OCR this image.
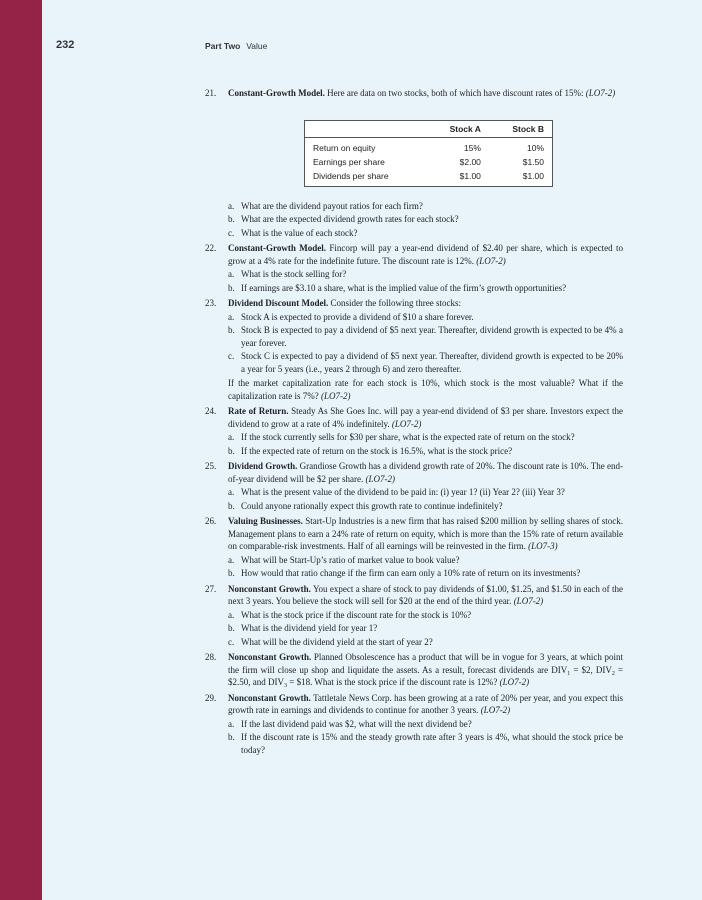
232	Part Two Value
21. Constant-Growth Model. Here are data on two stocks, both of which have discount rates of 15%: (LO7-2)
	Stock A	Stock B
Return on equity	15%	10%
Earnings per share	$2.00	$1.50
Dividends per share	$1.00	$1.00
a. What are the dividend payout ratios for each firm?
b. What are the expected dividend growth rates for each stock?
c. What is the value of each stock?
22. Constant-Growth Model. Fincorp will pay a year-end dividend of $2.40 per share, which is expected to grow at a 4% rate for the indefinite future. The discount rate is 12%. (LO7-2)
a. What is the stock selling for?
b. If earnings are $3.10 a share, what is the implied value of the firm’s growth opportunities?
23. Dividend Discount Model. Consider the following three stocks:
a. Stock A is expected to provide a dividend of $10 a share forever.
b. Stock B is expected to pay a dividend of $5 next year. Thereafter, dividend growth is expected to be 4% a year forever.
c. Stock C is expected to pay a dividend of $5 next year. Thereafter, dividend growth is expected to be 20% a year for 5 years (i.e., years 2 through 6) and zero thereafter.
If the market capitalization rate for each stock is 10%, which stock is the most valuable? What if the capitalization rate is 7%? (LO7-2)
24. Rate of Return. Steady As She Goes Inc. will pay a year-end dividend of $3 per share. Investors expect the dividend to grow at a rate of 4% indefinitely. (LO7-2)
a. If the stock currently sells for $30 per share, what is the expected rate of return on the stock?
b. If the expected rate of return on the stock is 16.5%, what is the stock price?
25. Dividend Growth. Grandiose Growth has a dividend growth rate of 20%. The discount rate is 10%. The end-of-year dividend will be $2 per share. (LO7-2)
a. What is the present value of the dividend to be paid in: (i) year 1? (ii) Year 2? (iii) Year 3?
b. Could anyone rationally expect this growth rate to continue indefinitely?
26. Valuing Businesses. Start-Up Industries is a new firm that has raised $200 million by selling shares of stock. Management plans to earn a 24% rate of return on equity, which is more than the 15% rate of return available on comparable-risk investments. Half of all earnings will be reinvested in the firm. (LO7-3)
a. What will be Start-Up’s ratio of market value to book value?
b. How would that ratio change if the firm can earn only a 10% rate of return on its investments?
27. Nonconstant Growth. You expect a share of stock to pay dividends of $1.00, $1.25, and $1.50 in each of the next 3 years. You believe the stock will sell for $20 at the end of the third year. (LO7-2)
a. What is the stock price if the discount rate for the stock is 10%?
b. What is the dividend yield for year 1?
c. What will be the dividend yield at the start of year 2?
28. Nonconstant Growth. Planned Obsolescence has a product that will be in vogue for 3 years, at which point the firm will close up shop and liquidate the assets. As a result, forecast dividends are $DIV_1$ = $2, $DIV_2$ = $2.50, and $DIV_3$ = $18. What is the stock price if the discount rate is 12%? (LO7-2)
29. Nonconstant Growth. Tattletale News Corp. has been growing at a rate of 20% per year, and you expect this growth rate in earnings and dividends to continue for another 3 years. (LO7-2)
a. If the last dividend paid was $2, what will the next dividend be?
b. If the discount rate is 15% and the steady growth rate after 3 years is 4%, what should the stock price be today?
